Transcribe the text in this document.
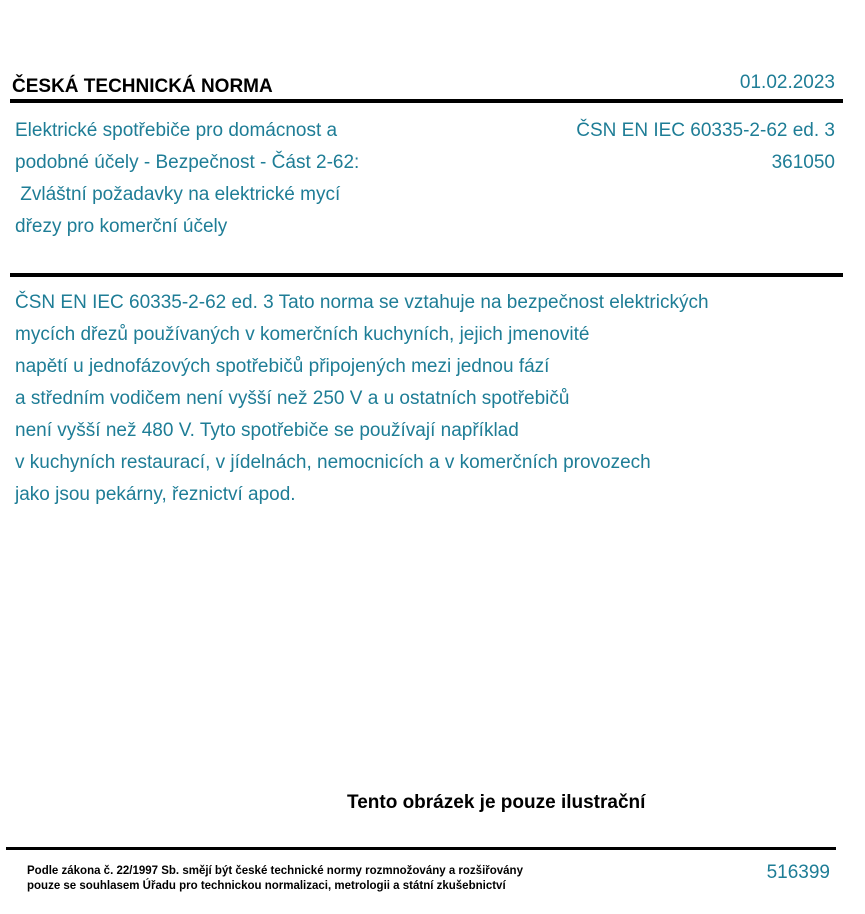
ČESKÁ TECHNICKÁ NORMA	01.02.2023
Elektrické spotřebiče pro domácnost a
podobné účely - Bezpečnost - Část 2-62:
Zvláštní požadavky na elektrické mycí
dřezy pro komerční účely
ČSN EN IEC 60335-2-62 ed. 3
361050
ČSN EN IEC 60335-2-62 ed. 3 Tato norma se vztahuje na bezpečnost elektrických
mycích dřezů používaných v komerčních kuchyních, jejich jmenovité
napětí u jednofázových spotřebičů připojených mezi jednou fází
a středním vodičem není vyšší než 250 V a u ostatních spotřebičů
není vyšší než 480 V. Tyto spotřebiče se používají například
v kuchyních restaurací, v jídelnách, nemocnicích a v komerčních provozech
jako jsou pekárny, řeznictví apod.
Tento obrázek je pouze ilustrační
Podle zákona č. 22/1997 Sb. smějí být české technické normy rozmnožovány a rozšiřovány
pouze se souhlasem Úřadu pro technickou normalizaci, metrologii a státní zkušebnictví
516399
